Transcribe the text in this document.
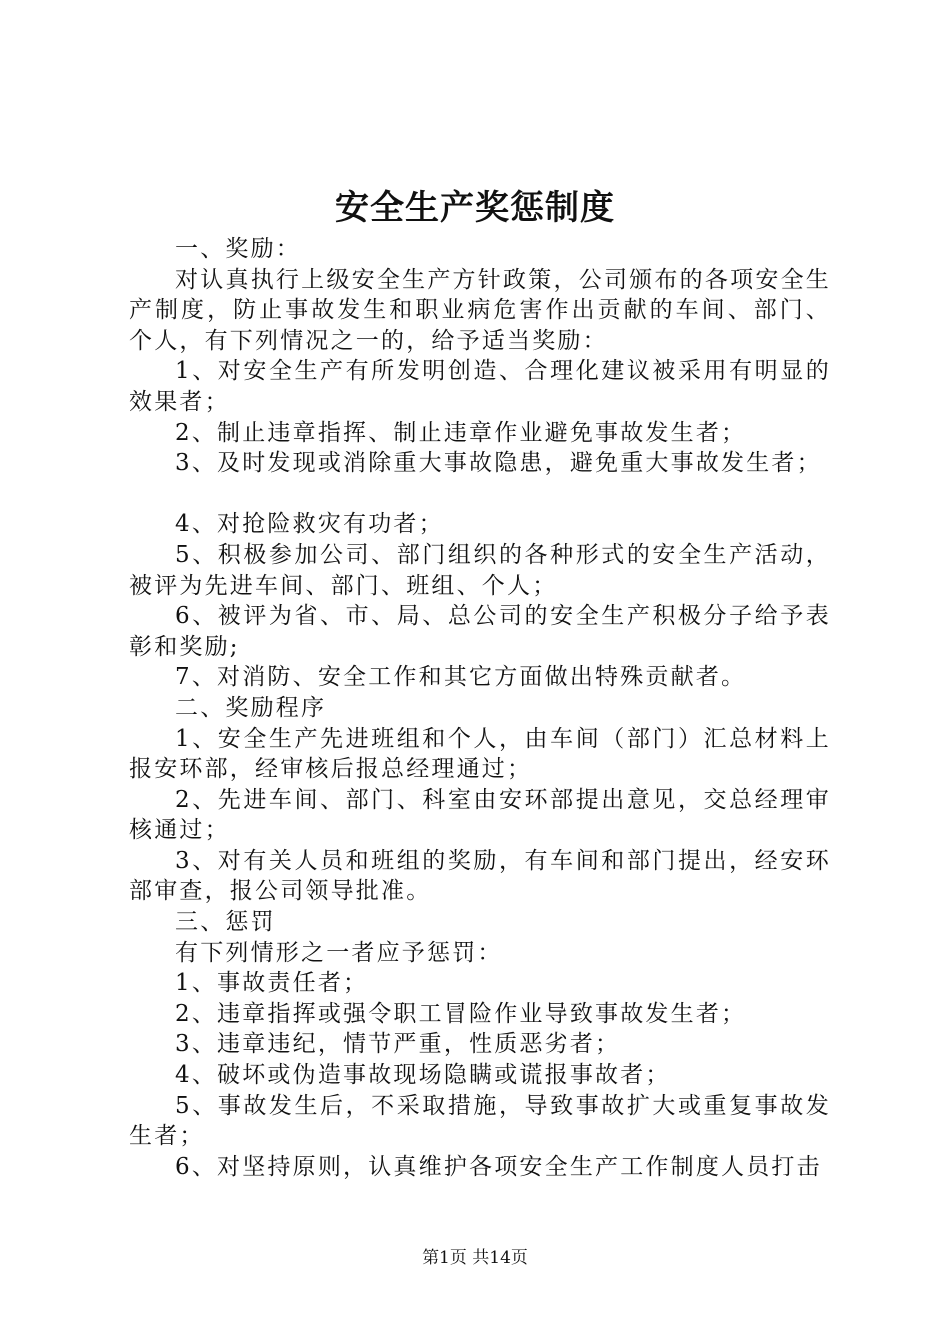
安全生产奖惩制度

一、奖励：

对认真执行上级安全生产方针政策，公司颁布的各项安全生产制度，防止事故发生和职业病危害作出贡献的车间、部门、个人，有下列情况之一的，给予适当奖励：

1、对安全生产有所发明创造、合理化建议被采用有明显的效果者；

2、制止违章指挥、制止违章作业避免事故发生者；

3、及时发现或消除重大事故隐患，避免重大事故发生者；

4、对抢险救灾有功者；

5、积极参加公司、部门组织的各种形式的安全生产活动，被评为先进车间、部门、班组、个人；

6、被评为省、市、局、总公司的安全生产积极分子给予表彰和奖励;

7、对消防、安全工作和其它方面做出特殊贡献者。

二、奖励程序

1、安全生产先进班组和个人，由车间（部门）汇总材料上报安环部，经审核后报总经理通过；

2、先进车间、部门、科室由安环部提出意见，交总经理审核通过；

3、对有关人员和班组的奖励，有车间和部门提出，经安环部审查，报公司领导批准。

三、惩罚

有下列情形之一者应予惩罚：

1、事故责任者；

2、违章指挥或强令职工冒险作业导致事故发生者；

3、违章违纪，情节严重，性质恶劣者；

4、破坏或伪造事故现场隐瞒或谎报事故者；

5、事故发生后，不采取措施，导致事故扩大或重复事故发生者；

6、对坚持原则，认真维护各项安全生产工作制度人员打击

第1页 共14页
